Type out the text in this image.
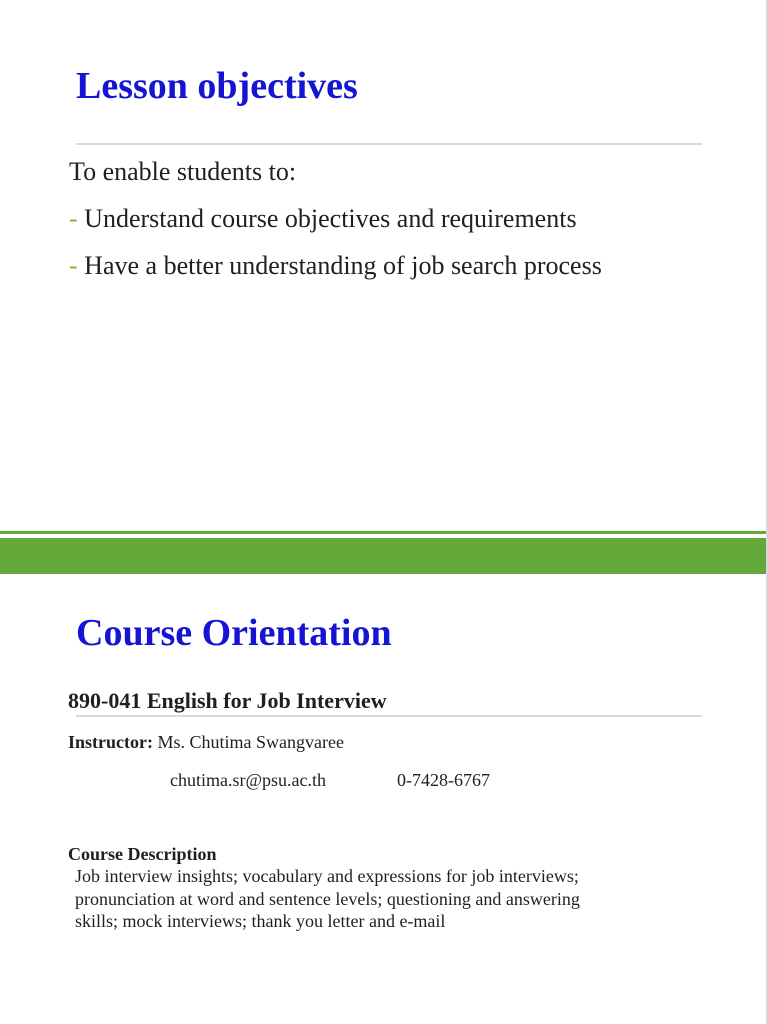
Lesson objectives
To enable students to:
- Understand course objectives and requirements
- Have a better understanding of job search process
Course Orientation
890-041 English for Job Interview
Instructor: Ms. Chutima Swangvaree
chutima.sr@psu.ac.th	0-7428-6767
Course Description
Job interview insights; vocabulary and expressions for job interviews;
pronunciation at word and sentence levels; questioning and answering
skills; mock interviews; thank you letter and e-mail
